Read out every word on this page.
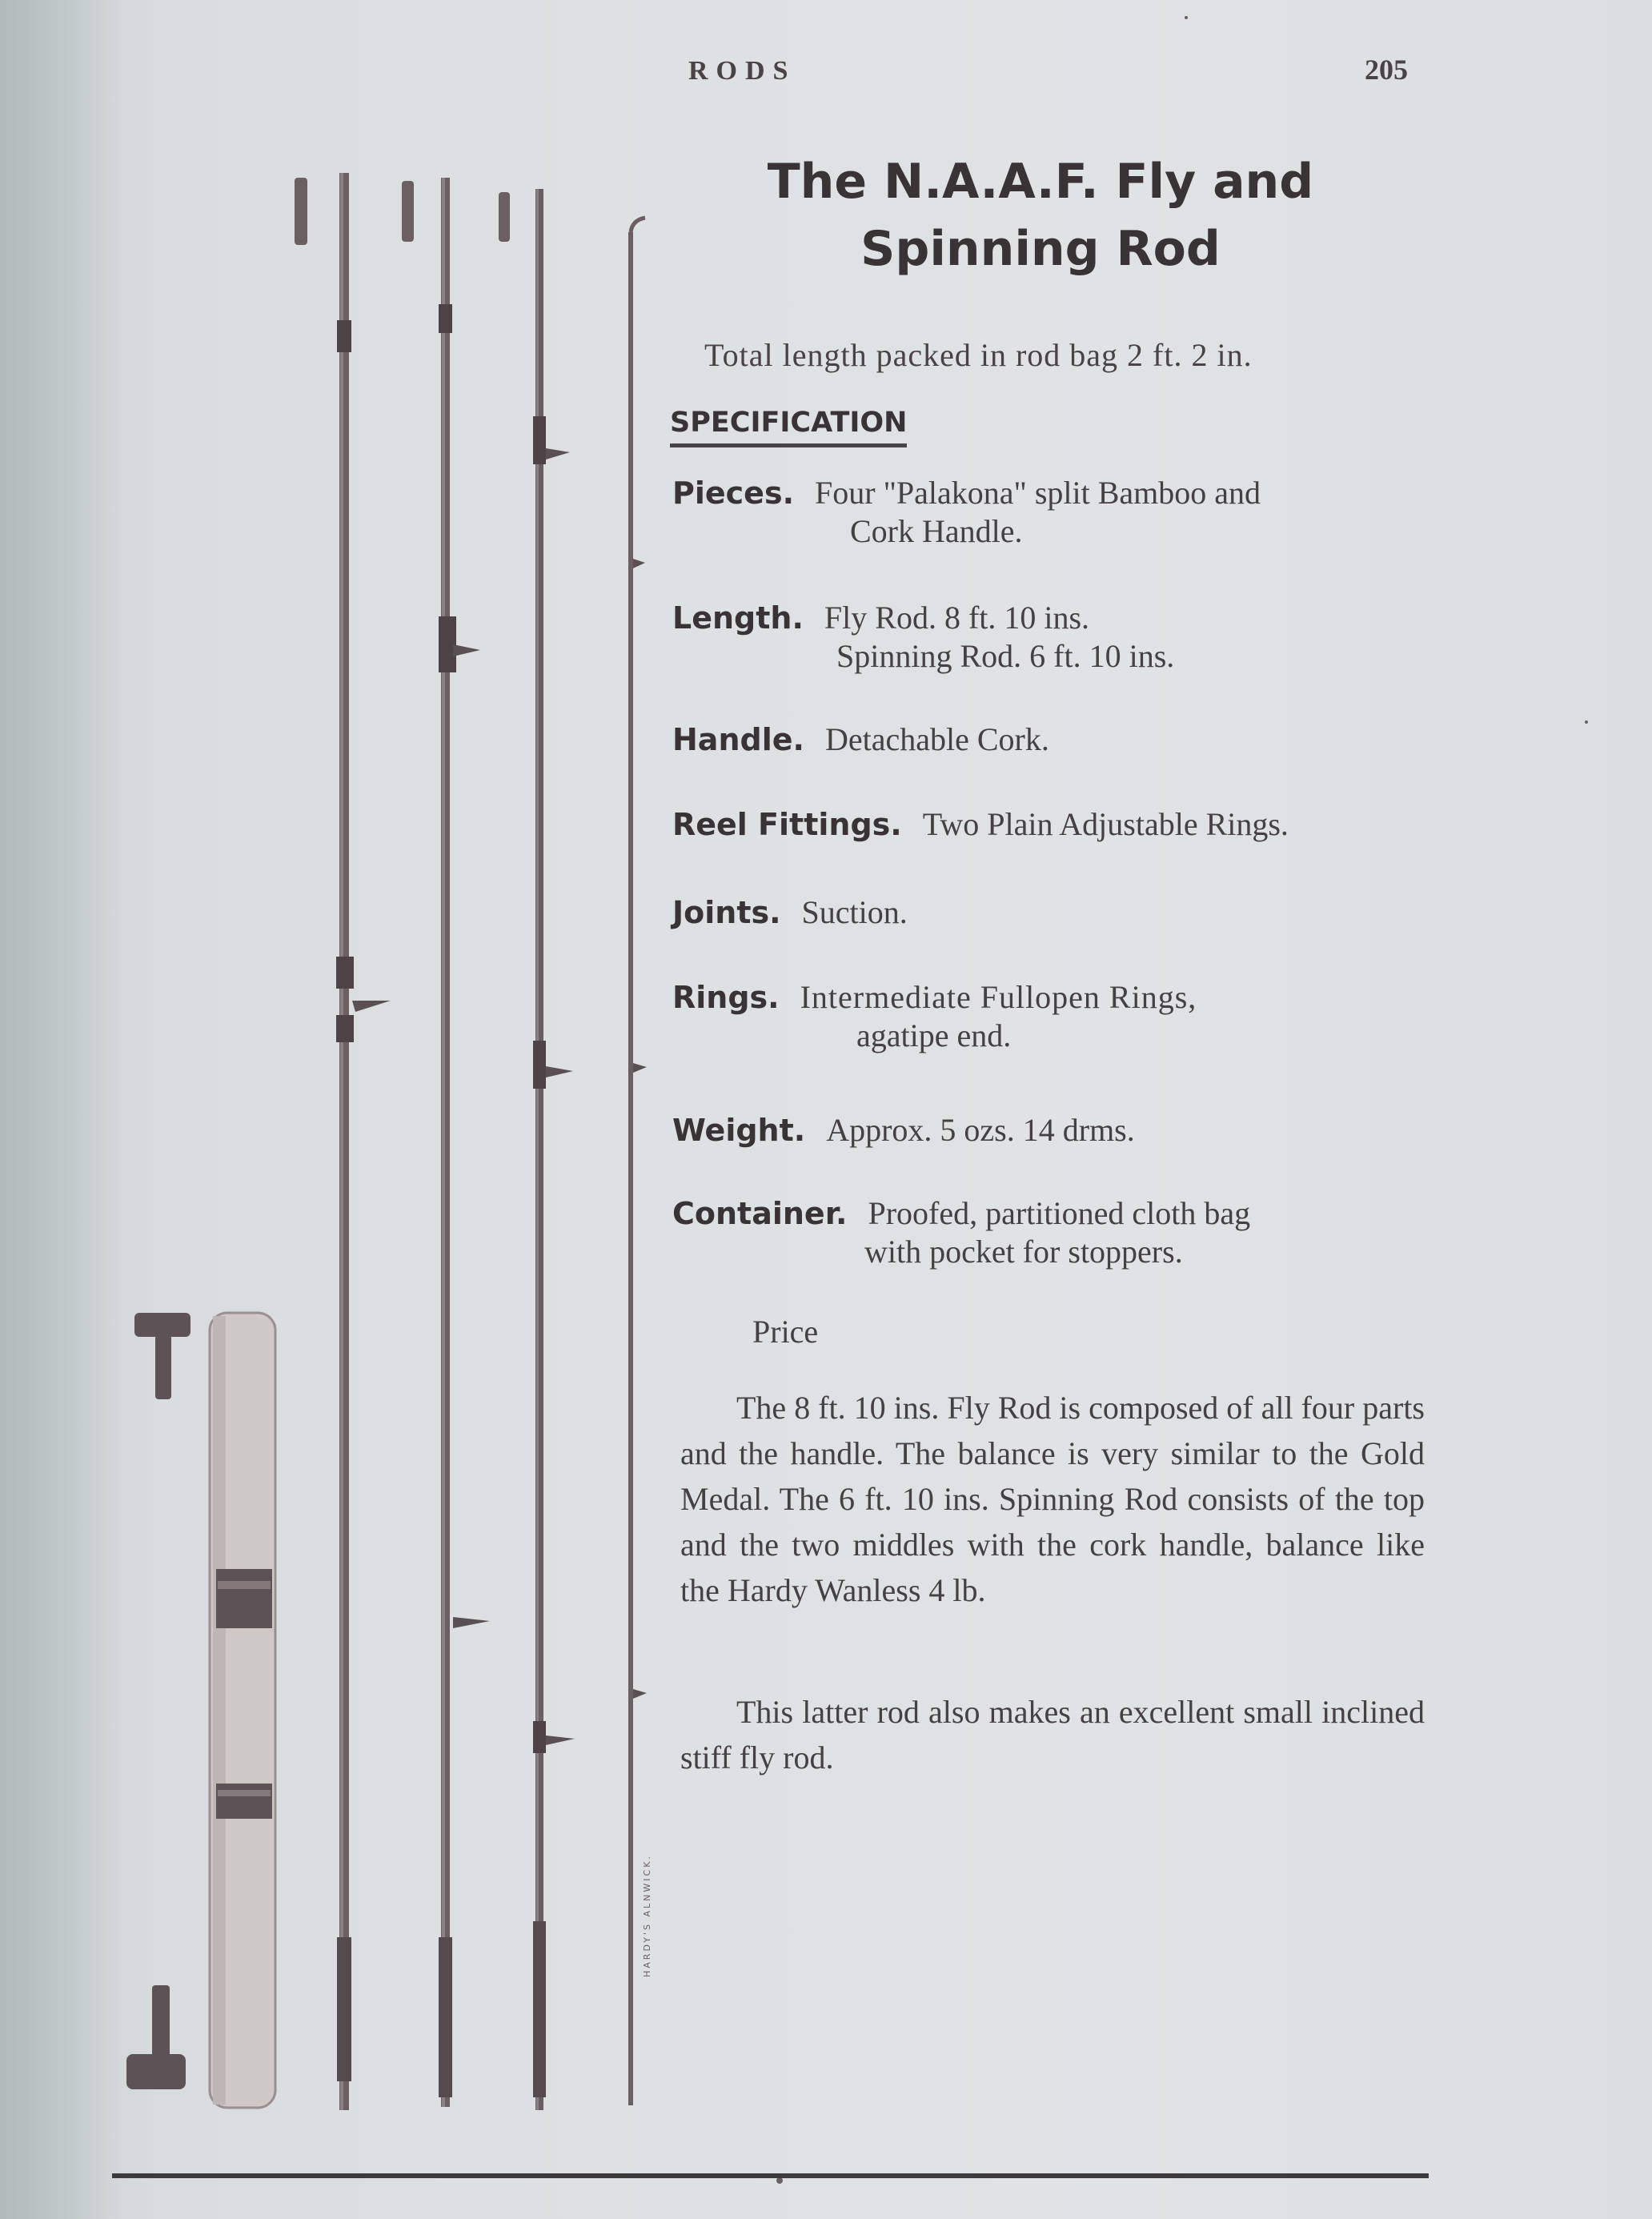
RODS	205
The N.A.A.F. Fly and
Spinning Rod
Total length packed in rod bag 2 ft. 2 in.
SPECIFICATION
Pieces. Four "Palakona" split Bamboo and
Cork Handle.
Length. Fly Rod. 8 ft. 10 ins.
Spinning Rod. 6 ft. 10 ins.
Handle. Detachable Cork.
Reel Fittings. Two Plain Adjustable Rings.
Joints. Suction.
Rings. Intermediate Fullopen Rings,
agatipe end.
Weight. Approx. 5 ozs. 14 drms.
Container. Proofed, partitioned cloth bag
with pocket for stoppers.
Price
The 8 ft. 10 ins. Fly Rod is composed of all four parts and the handle. The balance is very similar to the Gold Medal. The 6 ft. 10 ins. Spinning Rod consists of the top and the two middles with the cork handle, balance like the Hardy Wanless 4 lb.
This latter rod also makes an excellent small inclined stiff fly rod.
HARDY'S ALNWICK.
